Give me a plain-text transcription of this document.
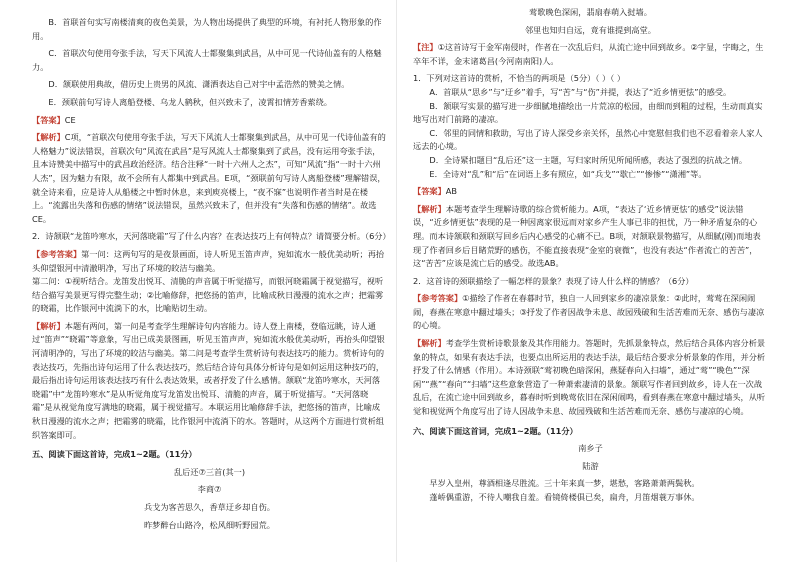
B．首联首句实写南楼清爽的夜色美景，为人物出场提供了典型的环境，有衬托人物形象的作用。

C．首联次句使用夸张手法，写天下风流人士都聚集到武昌，从中可见一代诗仙盖有的人格魅力。

D．颔联使用典故，借历史上贵男的风流、潇洒表达自己对宇中孟浩然的赞美之情。

E．颈联前句写诗人离船登楼、乌龙人鹤秋，但兴致未了，凌霄扣情芳香萦绕。

【答案】CE

【解析】C项，“首联次句使用夸张手法，写天下风流人士都聚集到武昌，从中可见一代诗仙盖有的人格魅力”说法错误，首联次句“风流在武昌”是写风流人士都聚集到了武昌，没有运用夸张手法，且本诗赞美中描写中的武昌政治经济。结合注释“一时十六州人之杰”，可知“风流”指“一时十六州人杰”，因为魅力有限，故不会所有人都集中到武昌。E项，“颈联前句写诗人离船登楼”理解错误，就全诗来看，应是诗人从船楼之中暂时休息，来到庾亮楼上，“夜不寐”也说明作者当时是在楼上。“流露出失落和伤感的情绪”说法错误，虽然兴致未了，但并没有“失落和伤感的情绪”。故选CE。

2．诗颔联“龙笛吟寒水，天河落晓霜”写了什么内容？在表达技巧上有何特点？请简要分析。（6分）

【参考答案】第一问：这两句写的是夜景画面，诗人听见玉笛声声，宛如流水一般优美动听；再抬头仰望银河中清澈明净，写出了环境的皎洁与幽美。

第二问：①视听结合。龙笛发出悦耳、清脆的声音属于听觉描写，而银河晓霜属于视觉描写，视听结合描写美景更写得完整生动；②比喻修辞，把悠扬的笛声，比喻成秋日漫漫的流水之声；把霜雾的晓霜，比作银河中流淌下的水，比喻贴切生动。

【解析】本题有两问，第一问是考查学生理解诗句内容能力。诗人登上南楼，登临远眺，诗人通过“笛声”“晓霜”等意象，写出已成美景图画，听见玉笛声声，宛如流水般优美动听，再抬头仰望银河清明净的，写出了环境的皎洁与幽美。第二问是考查学生赏析诗句表达技巧的能力。赏析诗句的表达技巧，先指出诗句运用了什么表达技巧，然后结合诗句具体分析诗句是如何运用这种技巧的，最后指出诗句运用该表达技巧有什么表达效果，或者抒发了什么感情。颔联“龙笛吟寒水，天河落晓霜”中“龙笛吟寒水”是从听觉角度写龙笛发出悦耳、清脆的声音，属于听觉描写。“天河落晓霜”是从视觉角度写满地的晓霜，属于视觉描写。本联运用比喻修辞手法，把悠扬的笛声，比喻成秋日漫漫的流水之声；把霜雾的晓霜，比作银河中流淌下的水。答题时，从这两个方面进行赏析组织答案即可。

五、阅读下面这首诗，完成1~2题。（11分）

乱后还⑦三首(其一)

李商⑦

兵戈为客苦思久，香草迂乡却自伤。

昨梦醉台山路冷，松风细听野园荒。

莺歌晚色深闲，翡扇春萌入挝墙。

邻里也知归自远，竟有谁提到高堂。

【注】①这首诗写于金军南侵时，作者在一次乱后归，从流亡途中回到故乡。②字显，字晦之，生卒年不详，金末诸葛昌(今河南南阳)人。

1．下列对这首诗的赏析，不恰当的两项是（5分）（ ）（ ）

A．首联从“思乡”与“迂乡”着手，写“苦”与“伤”并提，表达了“近乡情更怯”的感受。

B．颔联写实景的描写进一步细腻地描绘出一片荒凉的松园，由细而到粗的过程，生动而真实地写出对门前路的凄凉。

C．邻里的同情和救助，写出了诗人深受乡亲关怀，虽然心中宽慰但我们也不忍看着亲人家人远去的心境。

D．全诗紧扣题目“乱后还”这一主题，写归家时所见所闻所感，表达了强烈的抗战之情。

E．全诗对“乱”和“后”在词语上多有照应，如“兵戈”“歇亡”“惨惨”“潇湘”等。

【答案】AB

【解析】本题考查学生理解诗歌的综合赏析能力。A项，“表达了‘近乡情更怯’的感受”说法错误，“近乡情更怯”表现的是一种因离家很远而对家乡产生人事已非的担忧，乃一种矛盾复杂的心理。而本诗颔联和颈联写回乡后内心感受的心痛不已。B项，对颔联景物描写，从细腻(刚)而地表现了作者回乡后目睹荒野的感伤，不能直接表现“金室的衰微”，也没有表达“作者流亡的苦苦”，这“苦苦”应该是流亡后的感受。故选AB。

2．这首诗的颈联描绘了一幅怎样的景象？表现了诗人什么样的情感？（6分）

【参考答案】①描绘了作者在春暮时节，独自一人回到家乡的凄凉景象：②此时，莺莺在深闲闹闹，春燕在寒意中翻过墙头；③抒发了作者因战争未息、故园残破和生活苦难而无奈、感伤与凄凉的心境。

【解析】考查学生赏析诗歌景象及其作用能力。答题时，先抓景象特点，然后结合具体内容分析景象的特点，如果有表达手法，也要点出所运用的表达手法，最后结合要求分析景象的作用，并分析抒发了什么情感（作用）。本诗颈联“莺初晚色暗深闲，燕疑春向入扫墙”，通过“莺”“晚色”“深闲”“燕”“春向”“扫墙”这些意象营造了一种萧索凄清的景象。颔联写作者回到故乡，诗人在一次战乱后，在流亡途中回到故乡，暮春时听到晚莺依旧在深闲闹鸣，看到春燕在寒意中翻过墙头，从听觉和视觉两个角度写出了诗人因战争未息、故园残破和生活苦难而无奈、感伤与凄凉的心境。

六、阅读下面这首词，完成1~2题。（11分）

南乡子

陆游

早岁入皇州，尊酒相逢尽胜流。三十年来真一梦，堪愁，客路萧萧两鬓秋。

蓬峤偶重游，不待人嘲我自羞。看镜倚楼俱已矣，扁舟，月笛烟蓑万事休。
